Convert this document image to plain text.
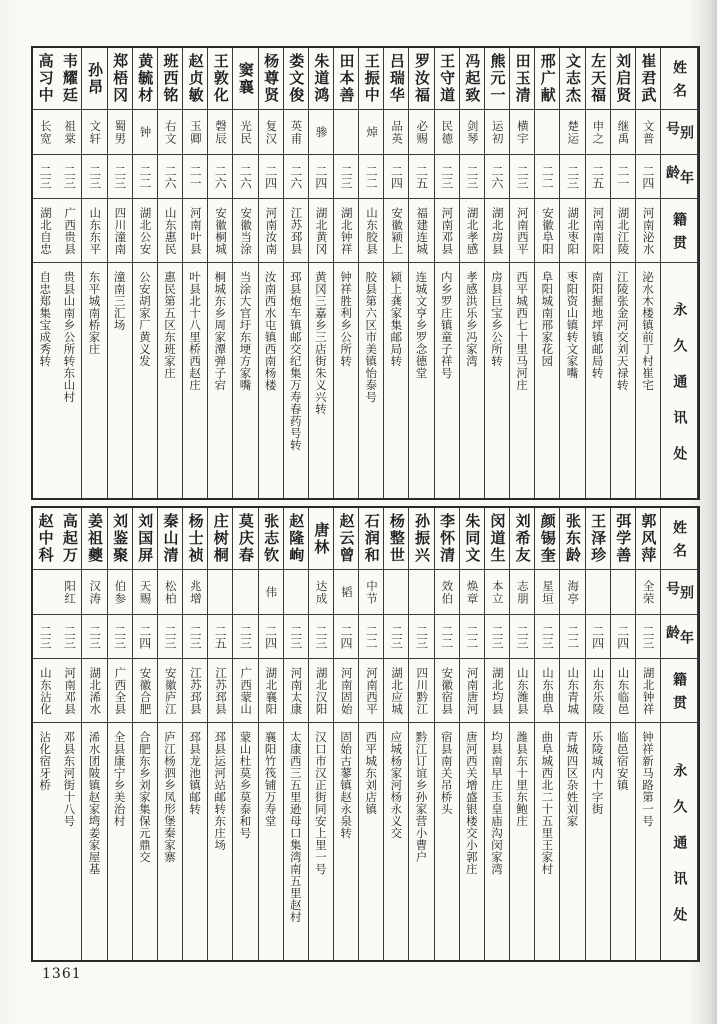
姓名
别号
年龄
籍贯
永久通讯处
崔君武
文普
二四
河南泌水
泌水木楼镇前丁村崔宅
刘启贤
继禹
二一
湖北江陵
江陵张金河交刘天禄转
左天福
申之
二五
河南南阳
南阳掘地坪镇邮局转
文志杰
楚运
二三
湖北枣阳
枣阳资山镇转文家嘴
邢广献
二二
安徽阜阳
阜阳城南邢家花园
田玉清
横宇
二三
河南西平
西平城西七十里马河庄
熊元一
运初
二六
湖北房县
房县巨宝乡公所转
冯起致
剑琴
二三
湖北孝感
孝感洪乐乡冯家湾
王守道
民德
二三
河南邓县
内乡罗庄镇童子祥号
罗汝福
必赐
二五
福建连城
连城文亨乡罗念德堂
吕瑞华
品英
二四
安徽颍上
颍上龚家集邮局转
王振中
焯
二二
山东胶县
胶县第六区市美镇怡泰号
田本善
二三
湖北钟祥
钟祥胜利乡公所转
朱道鸿
骖
二四
湖北黄冈
黄冈三嘉乡三店街朱义兴转
娄文俊
英甫
二六
江苏邳县
邳县炮车镇邮交纪集万寿春药号转
杨尊贤
复汉
二四
河南汝南
汝南西水屯镇西南杨楼
窦襄
光民
二六
安徽当涂
当涂大官圩东埂方家嘴
王敦化
磬辰
二六
安徽桐城
桐城东乡周家潭弹子宕
赵贞敏
玉卿
二一
河南叶县
叶县北十八里桥西赵庄
班西铭
右文
二六
山东惠民
惠民第五区东班家庄
黄毓材
钟
二二
湖北公安
公安胡家厂黄义发
郑梧冈
蜀男
二三
四川潼南
潼南三汇场
孙昂
文轩
二三
山东东平
东平城南桥家庄
韦耀廷
祖棠
二三
广西贵县
贵县山南乡公所转东山村
高习中
长宽
二三
湖北自忠
自忠郑集宝成秀转
姓名
别号
年龄
籍贯
永久通讯处
郭风萍
全荣
二三
湖北钟祥
钟祥新马路第一号
弭学善
二四
山东临邑
临邑宿安镇
王泽珍
二四
山东乐陵
乐陵城内十字街
张东龄
海亭
二二
山东青城
青城四区杂姓刘家
颜锡奎
星垣
二三
山东曲阜
曲阜城西北二十五里王家村
刘希友
志朋
二三
山东潍县
潍县东十里东鲍庄
闵道生
本立
二三
湖北均县
均县南早庄玉皇庙沟闵家湾
朱同文
焕章
二二
河南唐河
唐河西关增盛银楼交小郭庄
李怀清
效伯
二二
安徽宿县
宿县南关吊桥头
孙振兴
二三
四川黔江
黔江订谊乡孙家营小曹户
杨整世
二三
湖北应城
应城杨家河杨永义交
石润和
中节
二二
河南西平
西平城东刘店镇
赵云曾
韬
二四
河南固始
固始古蓼镇赵永泉转
唐林
达成
二三
湖北汉阳
汉口市汉正街同安上里一号
赵隆峋
二三
河南太康
太康西三五里逊母口集湾南五里赵村
张志钦
伟
二四
湖北襄阳
襄阳竹筏铺万寿堂
莫庆春
二三
广西蒙山
蒙山杜莫乡莫泰和号
庄树桐
二五
江苏邳县
邳县运河站邮转东庄场
杨士祯
兆增
二三
江苏邳县
邳县龙池镇邮转
秦山清
松柏
二三
安徽庐江
庐江杨泗乡凤形堡秦家寨
刘国屏
天赐
二四
安徽合肥
合肥东乡刘家集保元鼎交
刘鉴聚
伯参
二三
广西全县
全县康宁乡美治村
姜祖夔
汉涛
二三
湖北浠水
浠水团陂镇赵家塆姜家屋基
高起万
阳红
二三
河南邓县
邓县东河街十八号
赵中科
二三
山东沾化
沾化宿牙桥
1361
